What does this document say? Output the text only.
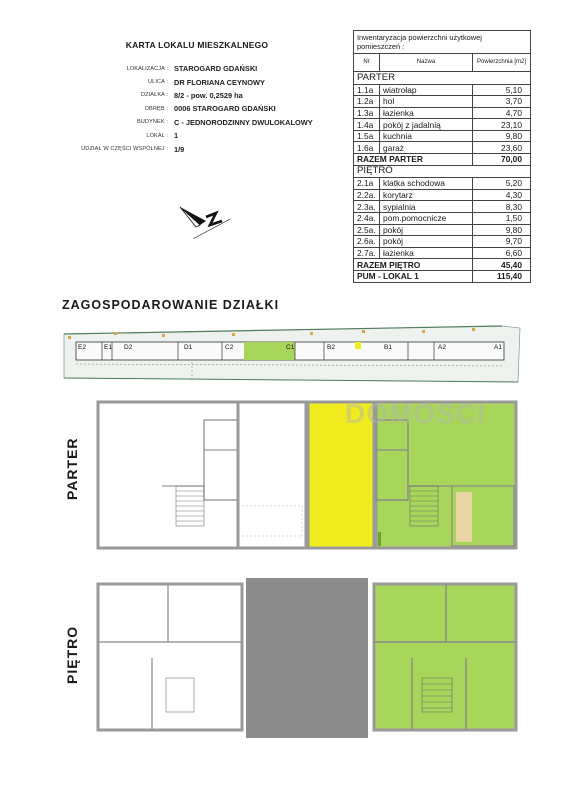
KARTA LOKALU MIESZKALNEGO
LOKALIZACJA : STAROGARD GDAŃSKI
ULICA : DR FLORIANA CEYNOWY
DZIAŁKA : 8/2 - pow. 0,2529 ha
OBRĘB : 0006 STAROGARD GDAŃSKI
BUDYNEK : C - JEDNORODZINNY DWULOKALOWY
LOKAL : 1
UDZIAŁ W CZĘŚCI WSPÓLNEJ : 1/9
Inwentaryzacja powierzchni użytkowej pomieszczeń :		
Nr	Nazwa	Powierzchnia [m2]
PARTER		
1.1a	wiatrołap	5,10
1.2a	hol	3,70
1.3a	łazienka	4,70
1.4a	pokój z jadalnią	23,10
1.5a	kuchnia	9,80
1.6a	garaż	23,60
RAZEM PARTER		70,00
PIĘTRO		
2.1a	klatka schodowa	5,20
2.2a.	korytarz	4,30
2.3a.	sypialnia	8,30
2.4a.	pom.pomocnicze	1,50
2.5a.	pokój	9,80
2.6a.	pokój	9,70
2.7a.	łazienka	6,60
RAZEM PIĘTRO		45,40
PUM - LOKAL 1		115,40
ZAGOSPODAROWANIE DZIAŁKI
E2	E1 D2	D1	C2	C1	B2	B1	A2	A1
PARTER
DOMOSCI
PIĘTRO
